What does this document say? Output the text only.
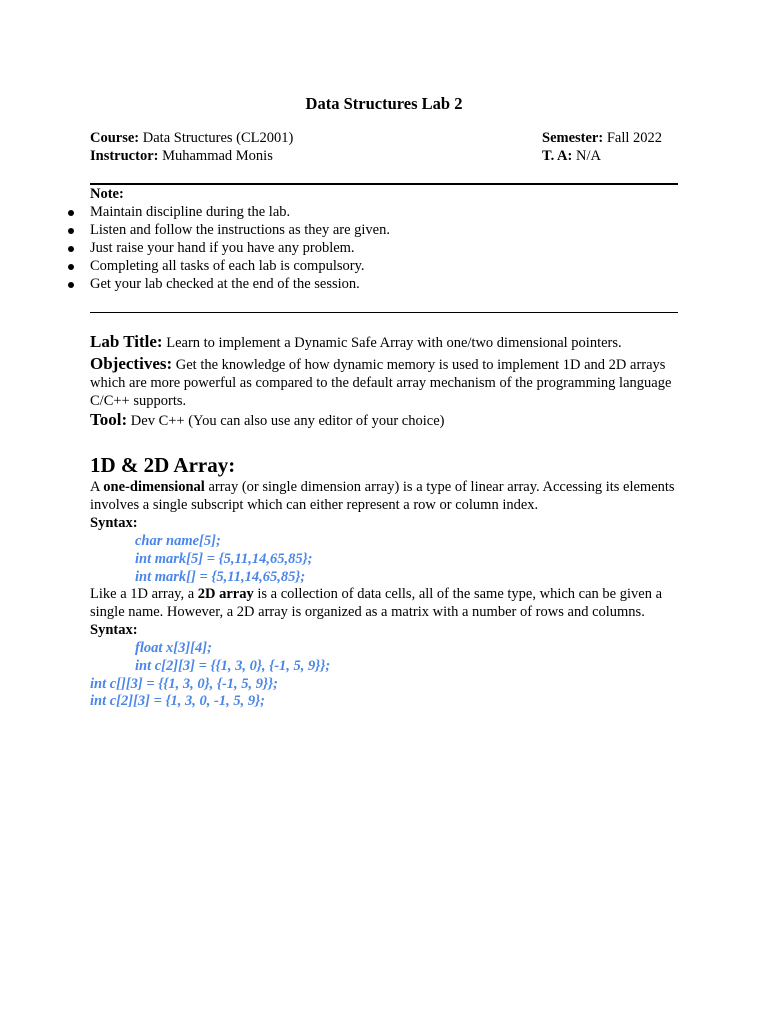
Data Structures Lab 2
Course: Data Structures (CL2001)
Instructor: Muhammad Monis
Semester: Fall 2022
T. A: N/A
Note:
Maintain discipline during the lab.
Listen and follow the instructions as they are given.
Just raise your hand if you have any problem.
Completing all tasks of each lab is compulsory.
Get your lab checked at the end of the session.
Lab Title: Learn to implement a Dynamic Safe Array with one/two dimensional pointers.
Objectives: Get the knowledge of how dynamic memory is used to implement 1D and 2D arrays which are more powerful as compared to the default array mechanism of the programming language C/C++ supports.
Tool: Dev C++ (You can also use any editor of your choice)
1D & 2D Array:
A one-dimensional array (or single dimension array) is a type of linear array. Accessing its elements involves a single subscript which can either represent a row or column index.
Syntax:
char name[5];
int mark[5] = {5,11,14,65,85};
int mark[] = {5,11,14,65,85};
Like a 1D array, a 2D array is a collection of data cells, all of the same type, which can be given a single name. However, a 2D array is organized as a matrix with a number of rows and columns.
Syntax:
float x[3][4];
int c[2][3] = {{1, 3, 0}, {-1, 5, 9}};
int c[][3] = {{1, 3, 0}, {-1, 5, 9}};
int c[2][3] = {1, 3, 0, -1, 5, 9};
